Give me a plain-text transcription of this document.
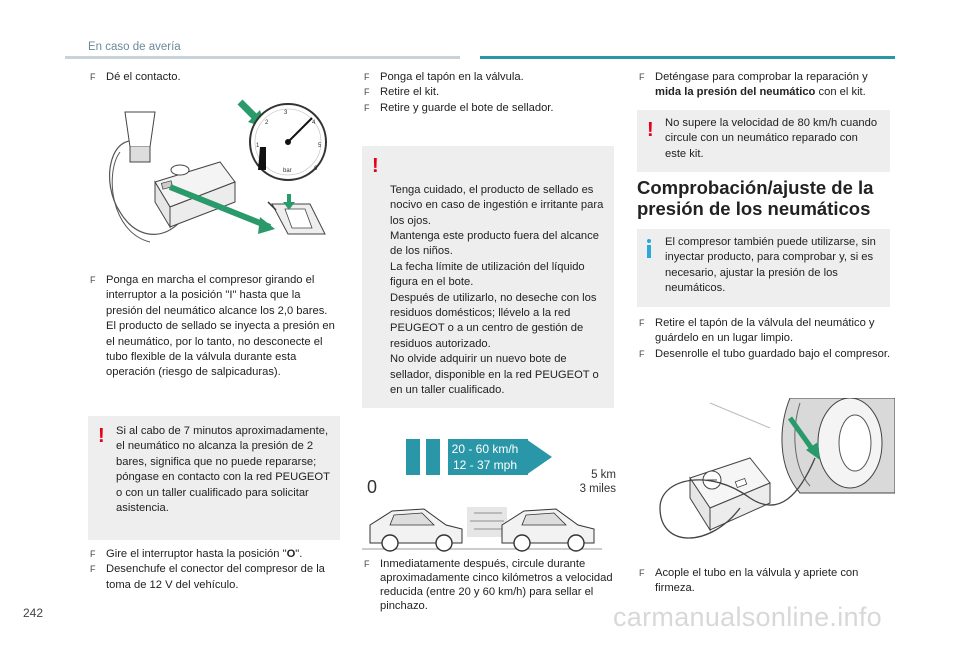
En caso de avería
F Dé el contacto.
3
4
5
6
1
2
bar
F Ponga en marcha el compresor girando el interruptor a la posición "I" hasta que la presión del neumático alcance los 2,0 bares. El producto de sellado se inyecta a presión en el neumático, por lo tanto, no desconecte el tubo flexible de la válvula durante esta operación (riesgo de salpicaduras).
! Si al cabo de 7 minutos aproximadamente, el neumático no alcanza la presión de 2 bares, significa que no puede repararse; póngase en contacto con la red PEUGEOT o con un taller cualificado para solicitar asistencia.
F Gire el interruptor hasta la posición "O".
F Desenchufe el conector del compresor de la toma de 12 V del vehículo.
F Ponga el tapón en la válvula.
F Retire el kit.
F Retire y guarde el bote de sellador.

!

Tenga cuidado, el producto de sellado es nocivo en caso de ingestión e irritante para los ojos.
Mantenga este producto fuera del alcance de los niños.
La fecha límite de utilización del líquido figura en el bote.
Después de utilizarlo, no deseche con los residuos domésticos; llévelo a la red PEUGEOT o a un centro de gestión de residuos autorizado.
No olvide adquirir un nuevo bote de sellador, disponible en la red PEUGEOT o en un taller cualificado.

20 - 60 km/h
12 - 37 mph
0
5 km
3 miles
F Inmediatamente después, circule durante aproximadamente cinco kilómetros a velocidad reducida (entre 20 y 60 km/h) para sellar el pinchazo.
F Deténgase para comprobar la reparación y mida la presión del neumático con el kit.
! No supere la velocidad de 80 km/h cuando circule con un neumático reparado con este kit.
Comprobación/ajuste de la presión de los neumáticos
El compresor también puede utilizarse, sin inyectar producto, para comprobar y, si es necesario, ajustar la presión de los neumáticos.
F Retire el tapón de la válvula del neumático y guárdelo en un lugar limpio.
F Desenrolle el tubo guardado bajo el compresor.
F Acople el tubo en la válvula y apriete con firmeza.
242	carmanualsonline.info
